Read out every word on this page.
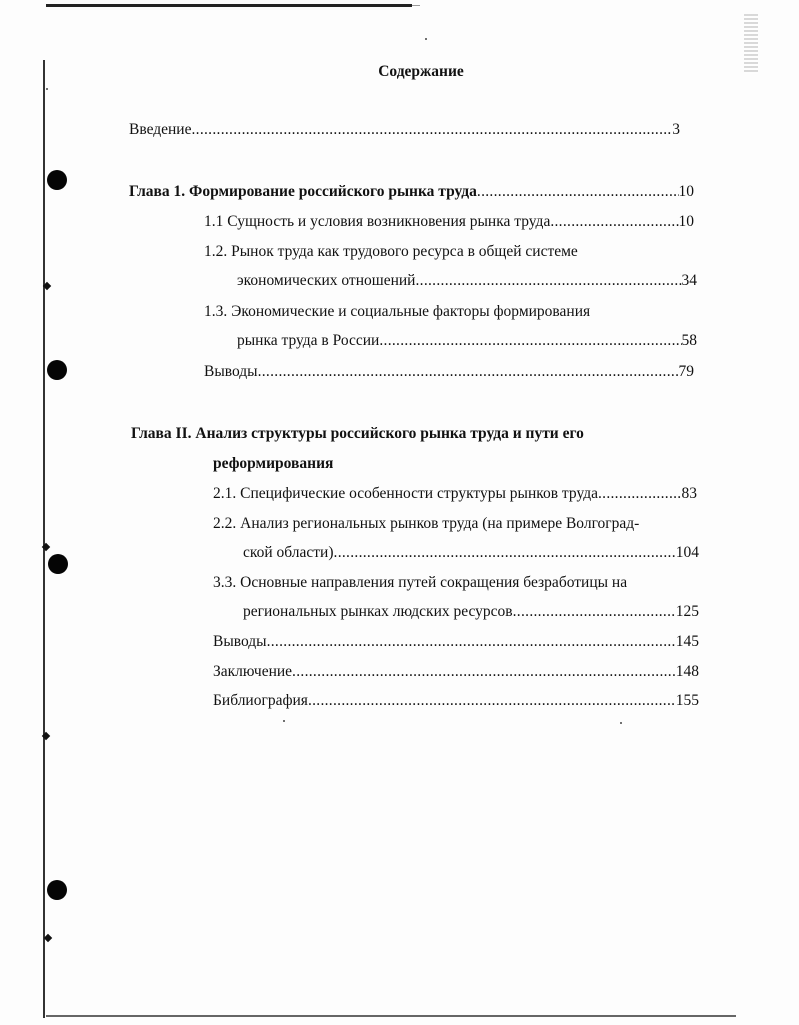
Содержание
Введение .....	3
Глава 1. Формирование российского рынка труда .....	10
1.1 Сущность и условия возникновения рынка труда .....	10
1.2. Рынок труда как трудового ресурса в общей системе
экономических отношений .....	34
1.3. Экономические и социальные факторы формирования
рынка труда в России .....	58
Выводы .....	79
Глава II. Анализ структуры российского рынка труда и пути его
реформирования
2.1. Специфические особенности структуры рынков труда .....	83
2.2. Анализ региональных рынков труда (на примере Волгоград-
ской области) .....	104
3.3. Основные направления путей сокращения безработицы на
региональных рынках людских ресурсов .....	125
Выводы .....	145
Заключение .....	148
Библиография .....	155
